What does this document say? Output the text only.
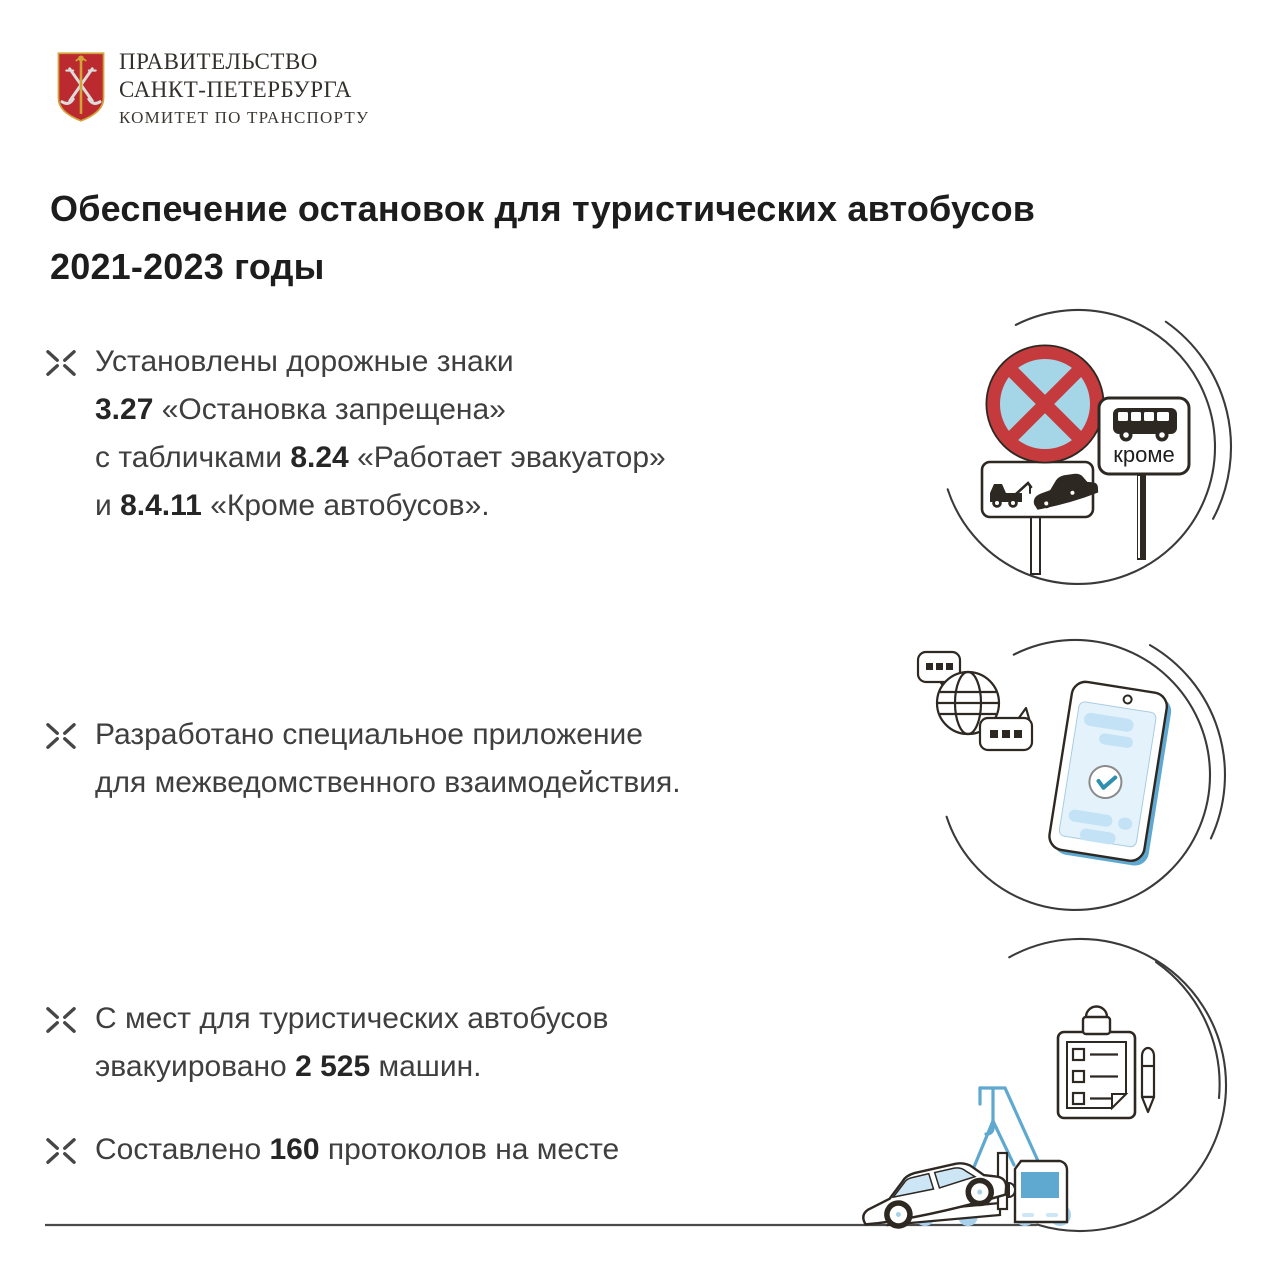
ПРАВИТЕЛЬСТВО
САНКТ-ПЕТЕРБУРГА
КОМИТЕТ ПО ТРАНСПОРТУ
Обеспечение остановок для туристических автобусов
2021-2023 годы
Установлены дорожные знаки
3.27 «Остановка запрещена»
с табличками 8.24 «Работает эвакуатор»
и 8.4.11 «Кроме автобусов».
Разработано специальное приложение
для межведомственного взаимодействия.
С мест для туристических автобусов
эвакуировано 2 525 машин.
Составлено 160 протоколов на месте
кроме
